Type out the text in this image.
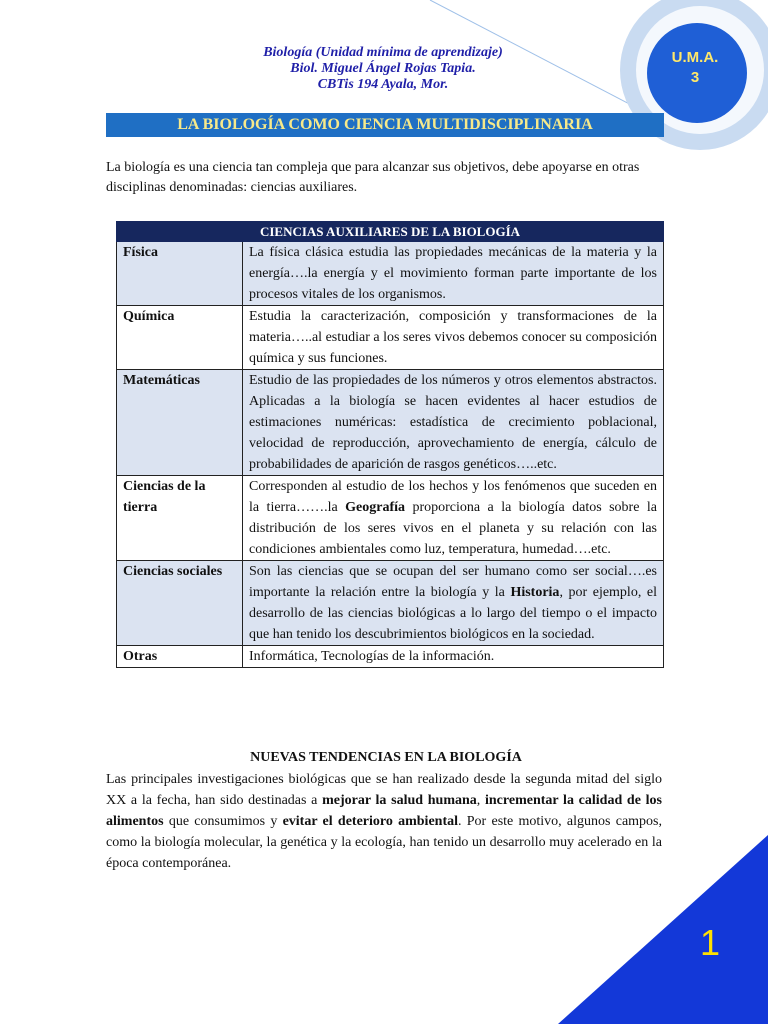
Biología (Unidad mínima de aprendizaje)
Biol. Miguel Ángel Rojas Tapia.
CBTis 194 Ayala, Mor.
U.M.A.
3
LA BIOLOGÍA COMO CIENCIA MULTIDISCIPLINARIA
La biología es una ciencia tan compleja que para alcanzar sus objetivos, debe apoyarse en otras disciplinas denominadas: ciencias auxiliares.
CIENCIAS AUXILIARES DE LA BIOLOGÍA	
Física	La física clásica estudia las propiedades mecánicas de la materia y la energía….la energía y el movimiento forman parte importante de los procesos vitales de los organismos.
Química	Estudia la caracterización, composición y transformaciones de la materia…..al estudiar a los seres vivos debemos conocer su composición química y sus funciones.
Matemáticas	Estudio de las propiedades de los números y otros elementos abstractos. Aplicadas a la biología se hacen evidentes al hacer estudios de estimaciones numéricas: estadística de crecimiento poblacional, velocidad de reproducción, aprovechamiento de energía, cálculo de probabilidades de aparición de rasgos genéticos…..etc.
Ciencias de la tierra	Corresponden al estudio de los hechos y los fenómenos que suceden en la tierra…….la Geografía proporciona a la biología datos sobre la distribución de los seres vivos en el planeta y su relación con las condiciones ambientales como luz, temperatura, humedad….etc.
Ciencias sociales	Son las ciencias que se ocupan del ser humano como ser social….es importante la relación entre la biología y la Historia, por ejemplo, el desarrollo de las ciencias biológicas a lo largo del tiempo o el impacto que han tenido los descubrimientos biológicos en la sociedad.
Otras	Informática, Tecnologías de la información.
NUEVAS TENDENCIAS EN LA BIOLOGÍA
Las principales investigaciones biológicas que se han realizado desde la segunda mitad del siglo XX a la fecha, han sido destinadas a mejorar la salud humana, incrementar la calidad de los alimentos que consumimos y evitar el deterioro ambiental. Por este motivo, algunos campos, como la biología molecular, la genética y la ecología, han tenido un desarrollo muy acelerado en la época contemporánea.
1
